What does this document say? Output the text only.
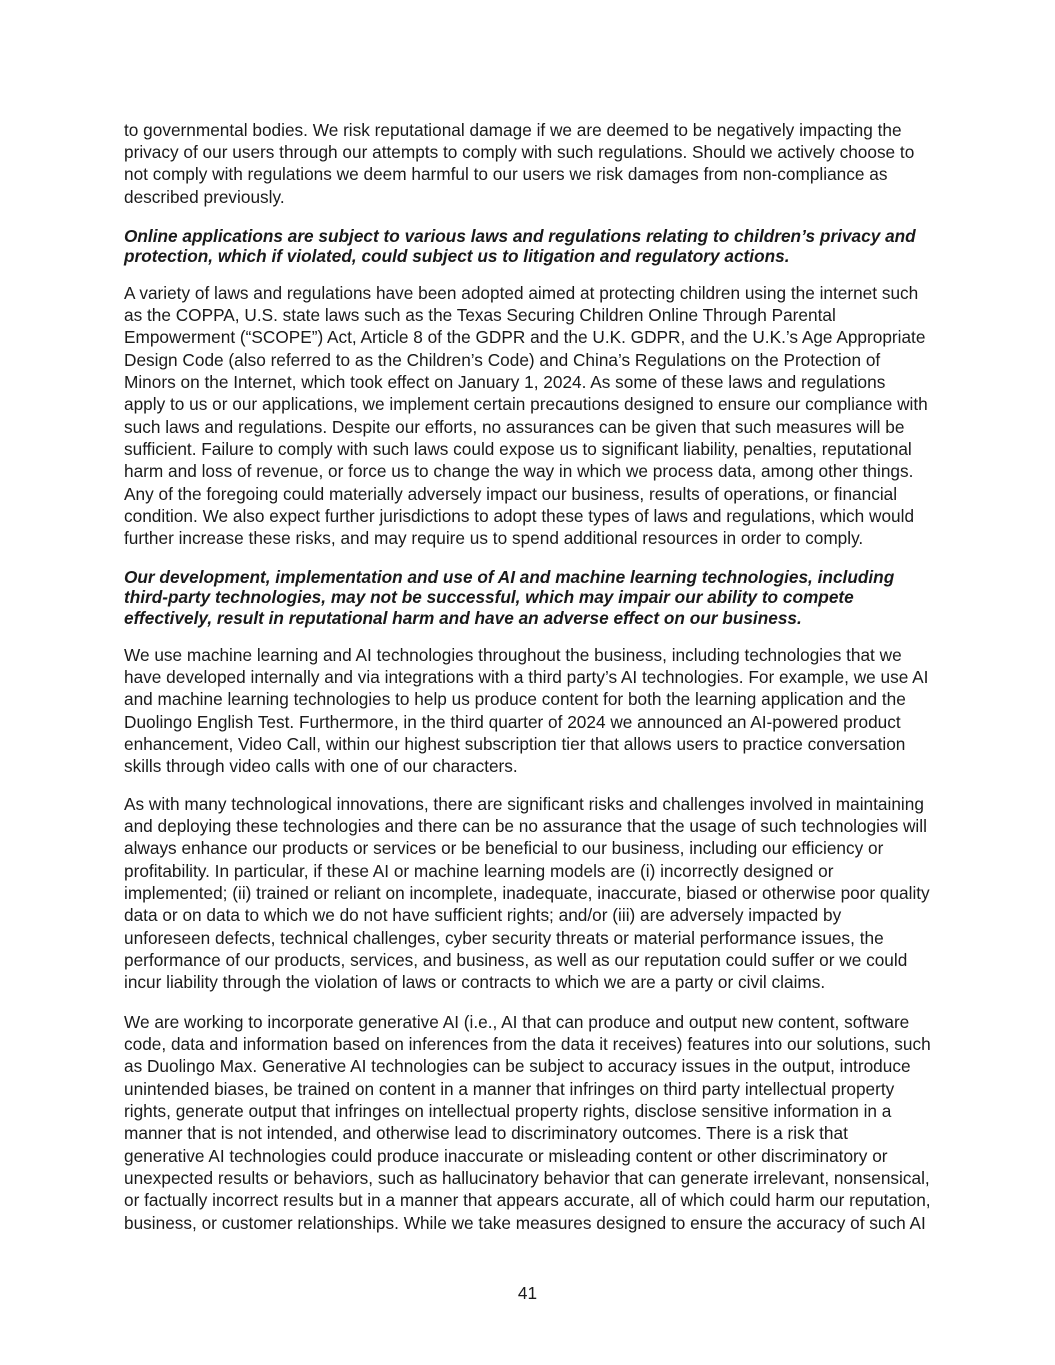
to governmental bodies. We risk reputational damage if we are deemed to be negatively impacting the
privacy of our users through our attempts to comply with such regulations. Should we actively choose to
not comply with regulations we deem harmful to our users we risk damages from non-compliance as
described previously.
Online applications are subject to various laws and regulations relating to children’s privacy and
protection, which if violated, could subject us to litigation and regulatory actions.
A variety of laws and regulations have been adopted aimed at protecting children using the internet such
as the COPPA, U.S. state laws such as the Texas Securing Children Online Through Parental
Empowerment (“SCOPE”) Act, Article 8 of the GDPR and the U.K. GDPR, and the U.K.’s Age Appropriate
Design Code (also referred to as the Children’s Code) and China’s Regulations on the Protection of
Minors on the Internet, which took effect on January 1, 2024. As some of these laws and regulations
apply to us or our applications, we implement certain precautions designed to ensure our compliance with
such laws and regulations. Despite our efforts, no assurances can be given that such measures will be
sufficient. Failure to comply with such laws could expose us to significant liability, penalties, reputational
harm and loss of revenue, or force us to change the way in which we process data, among other things.
Any of the foregoing could materially adversely impact our business, results of operations, or financial
condition. We also expect further jurisdictions to adopt these types of laws and regulations, which would
further increase these risks, and may require us to spend additional resources in order to comply.
Our development, implementation and use of AI and machine learning technologies, including
third-party technologies, may not be successful, which may impair our ability to compete
effectively, result in reputational harm and have an adverse effect on our business.
We use machine learning and AI technologies throughout the business, including technologies that we
have developed internally and via integrations with a third party’s AI technologies. For example, we use AI
and machine learning technologies to help us produce content for both the learning application and the
Duolingo English Test. Furthermore, in the third quarter of 2024 we announced an AI-powered product
enhancement, Video Call, within our highest subscription tier that allows users to practice conversation
skills through video calls with one of our characters.
As with many technological innovations, there are significant risks and challenges involved in maintaining
and deploying these technologies and there can be no assurance that the usage of such technologies will
always enhance our products or services or be beneficial to our business, including our efficiency or
profitability. In particular, if these AI or machine learning models are (i) incorrectly designed or
implemented; (ii) trained or reliant on incomplete, inadequate, inaccurate, biased or otherwise poor quality
data or on data to which we do not have sufficient rights; and/or (iii) are adversely impacted by
unforeseen defects, technical challenges, cyber security threats or material performance issues, the
performance of our products, services, and business, as well as our reputation could suffer or we could
incur liability through the violation of laws or contracts to which we are a party or civil claims.
We are working to incorporate generative AI (i.e., AI that can produce and output new content, software
code, data and information based on inferences from the data it receives) features into our solutions, such
as Duolingo Max. Generative AI technologies can be subject to accuracy issues in the output, introduce
unintended biases, be trained on content in a manner that infringes on third party intellectual property
rights, generate output that infringes on intellectual property rights, disclose sensitive information in a
manner that is not intended, and otherwise lead to discriminatory outcomes. There is a risk that
generative AI technologies could produce inaccurate or misleading content or other discriminatory or
unexpected results or behaviors, such as hallucinatory behavior that can generate irrelevant, nonsensical,
or factually incorrect results but in a manner that appears accurate, all of which could harm our reputation,
business, or customer relationships. While we take measures designed to ensure the accuracy of such AI
41
